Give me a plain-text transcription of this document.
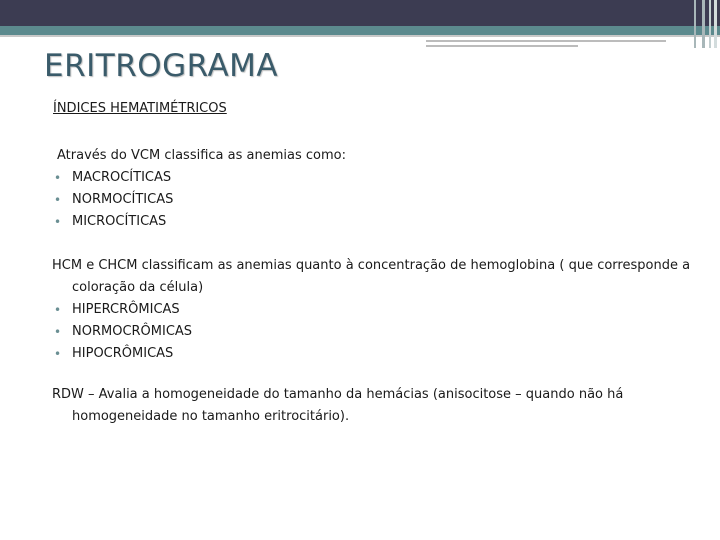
ERITROGRAMA
ÍNDICES HEMATIMÉTRICOS
Através do VCM classifica as anemias como:
• MACROCÍTICAS
• NORMOCÍTICAS
• MICROCÍTICAS
HCM e CHCM classificam as anemias quanto à concentração de hemoglobina ( que corresponde a coloração da célula)
• HIPERCRÔMICAS
• NORMOCRÔMICAS
• HIPOCRÔMICAS
RDW – Avalia a homogeneidade do tamanho da hemácias (anisocitose – quando não há homogeneidade no tamanho eritrocitário).
